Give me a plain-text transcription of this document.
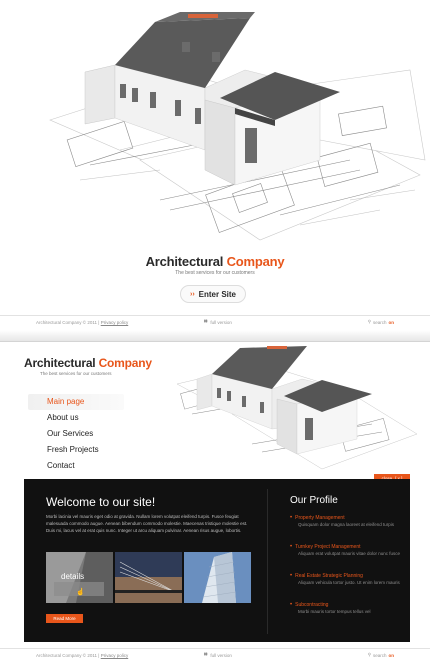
Architectural Company
The best services for our customers
›› Enter Site
Architectural Company © 2011 | Privacy policy	⌗ full version	⚲ search on
Architectural Company
The best services for our customers
Main page
About us
Our Services
Fresh Projects
Contact
Welcome to our site!
Morbi lacinia vel mauris eget odio at gravida. Nullam lorem volutpat eleifend turpis. Fusce feugiat malesuada commodo augue. Aenean bibendum commodo molestie. Maecenas tristique molestie est. Duis mi, lacus vel at erat quis nunc. Integer ut arcu aliquam pulvinar. Aenean risus augue, lobortis.
details
☝
Read More
Our Profile
• Property Management
Quisquam dolor magna laoreet at eleifend turpis
• Turnkey Project Management
Aliquam erat volutpat mauris vitae dolor nunc fusce
• Real Estate Strategic Planning
Aliquam vehicula tortor justo. Ut enim lorem mauris
• Subcontracting
Morbi mauris tortor tempus tellus vel
Architectural Company © 2011 | Privacy policy	⌗ full version	⚲ search on
